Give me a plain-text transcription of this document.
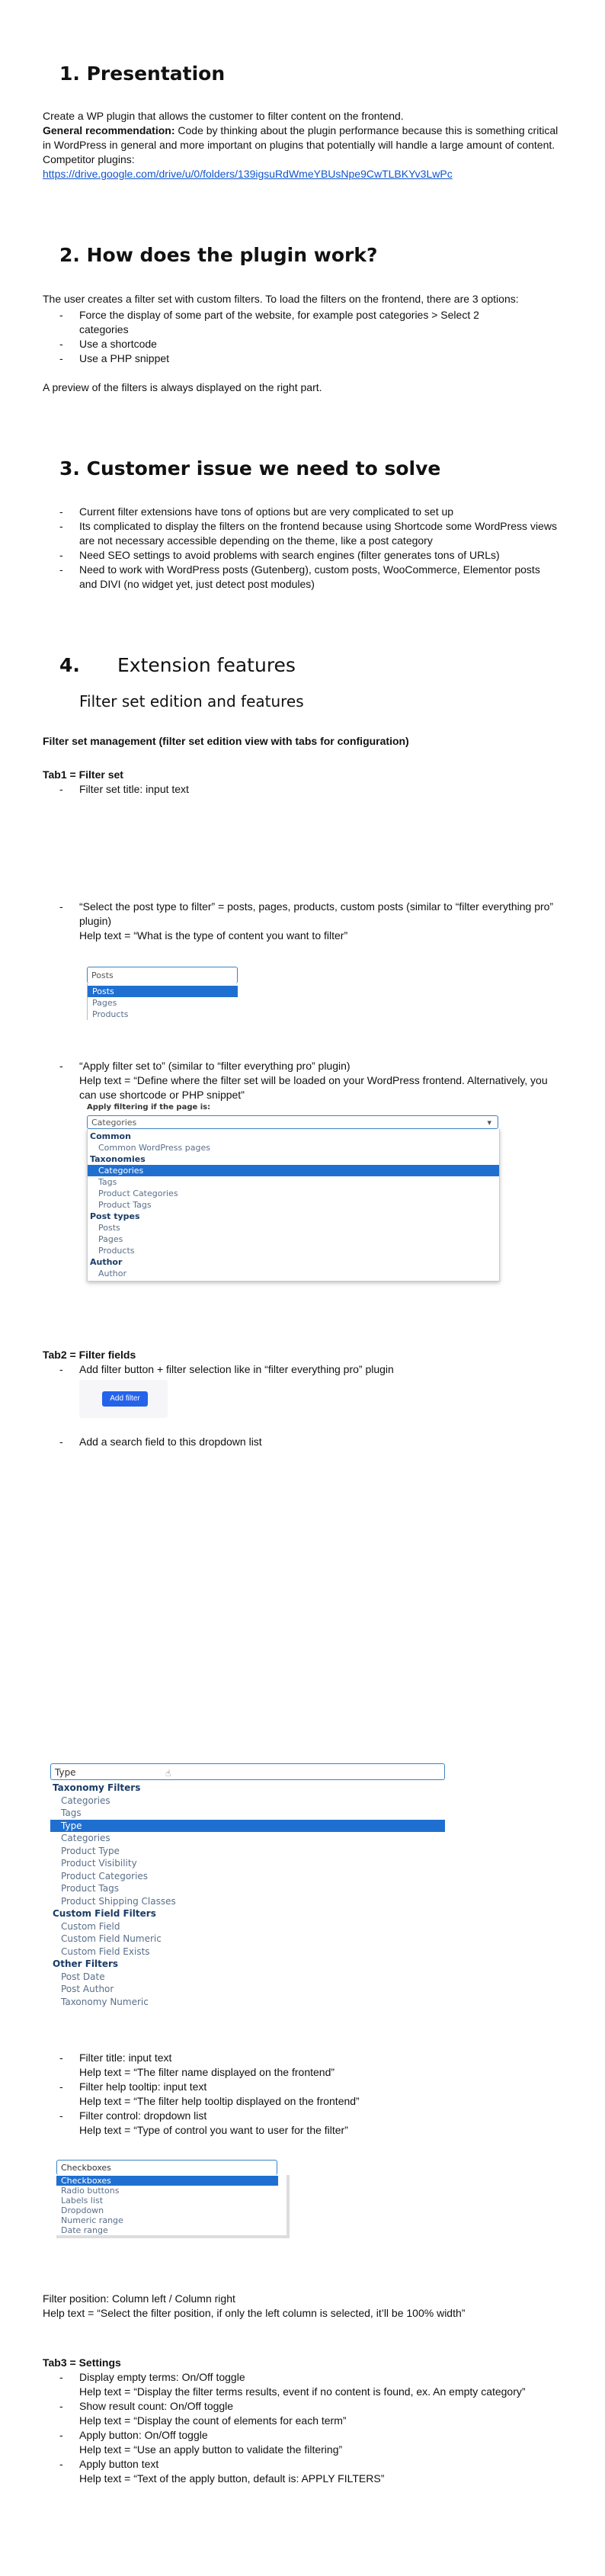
1. Presentation

Create a WP plugin that allows the customer to filter content on the frontend.

General recommendation: Code by thinking about the plugin performance because this is something critical in WordPress in general and more important on plugins that potentially will handle a large amount of content.

Competitor plugins:

https://drive.google.com/drive/u/0/folders/139igsuRdWmeYBUsNpe9CwTLBKYv3LwPc

2. How does the plugin work?

The user creates a filter set with custom filters. To load the filters on the frontend, there are 3 options:

- Force the display of some part of the website, for example post categories > Select 2 categories
- Use a shortcode
- Use a PHP snippet

A preview of the filters is always displayed on the right part.

3. Customer issue we need to solve
- Current filter extensions have tons of options but are very complicated to set up
- Its complicated to display the filters on the frontend because using Shortcode some WordPress views are not necessary accessible depending on the theme, like a post category
- Need SEO settings to avoid problems with search engines (filter generates tons of URLs)
- Need to work with WordPress posts (Gutenberg), custom posts, WooCommerce, Elementor posts and DIVI (no widget yet, just detect post modules)
4. Extension features
Filter set edition and features

Filter set management (filter set edition view with tabs for configuration)

Tab1 = Filter set

- Filter set title: input text
- “Select the post type to filter” = posts, pages, products, custom posts (similar to “filter everything pro” plugin)
Help text = “What is the type of content you want to filter”
Posts
Posts
Pages
Products
- “Apply filter set to” (similar to “filter everything pro” plugin)
Help text = “Define where the filter set will be loaded on your WordPress frontend. Alternatively, you can use shortcode or PHP snippet”
Apply filtering if the page is:
Categories	▾
Common
Common WordPress pages
Taxonomies
Categories
Tags
Product Categories
Product Tags
Post types
Posts
Pages
Products
Author
Author

Tab2 = Filter fields

- Add filter button + filter selection like in “filter everything pro” plugin
Add filter
- Add a search field to this dropdown list
Type	☝
Taxonomy Filters
Categories
Tags
Type
Categories
Product Type
Product Visibility
Product Categories
Product Tags
Product Shipping Classes
Custom Field Filters
Custom Field
Custom Field Numeric
Custom Field Exists
Other Filters
Post Date
Post Author
Taxonomy Numeric
- Filter title: input text
Help text = “The filter name displayed on the frontend”
- Filter help tooltip: input text
Help text = “The filter help tooltip displayed on the frontend”
- Filter control: dropdown list
Help text = “Type of control you want to user for the filter”
Checkboxes
Checkboxes
Radio buttons
Labels list
Dropdown
Numeric range
Date range

Filter position: Column left / Column right

Help text = “Select the filter position, if only the left column is selected, it’ll be 100% width”

Tab3 = Settings

- Display empty terms: On/Off toggle
Help text = “Display the filter terms results, event if no content is found, ex. An empty category”
- Show result count: On/Off toggle
Help text = “Display the count of elements for each term”
- Apply button: On/Off toggle
Help text = “Use an apply button to validate the filtering”
- Apply button text
Help text = “Text of the apply button, default is: APPLY FILTERS”
